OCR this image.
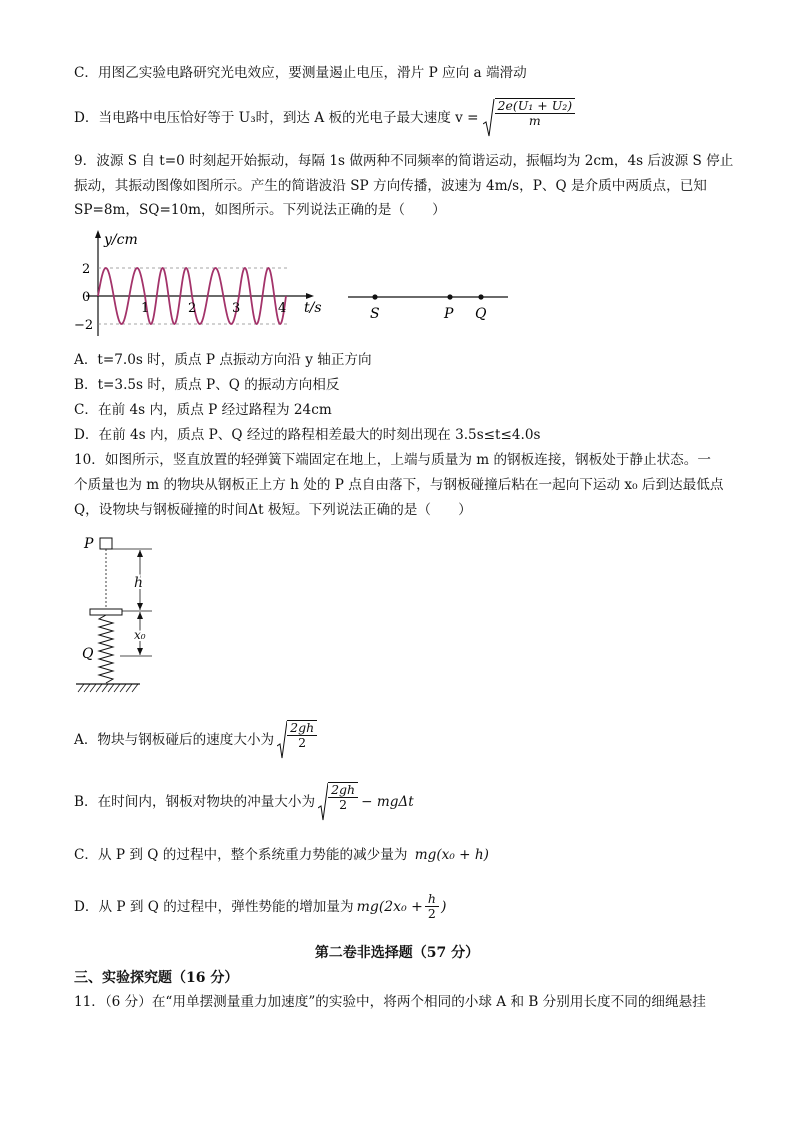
C．用图乙实验电路研究光电效应，要测量遏止电压，滑片 P 应向 a 端滑动
D．当电路中电压恰好等于 U₃时，到达 A 板的光电子最大速度 $v = \frac{\text{2e(U₁ + U₂)}}{m}$
9．波源 S 自 t=0 时刻起开始振动，每隔 1s 做两种不同频率的简谐运动，振幅均为 2cm，4s 后波源 S 停止
振动，其振动图像如图所示。产生的简谐波沿 SP 方向传播，波速为 4m/s，P、Q 是介质中两质点，已知
SP=8m，SQ=10m，如图所示。下列说法正确的是（　　）
y/cm
t/s
2
0
−2
1	2	3	4	S	P Q
A．t=7.0s 时，质点 P 点振动方向沿 y 轴正方向
B．t=3.5s 时，质点 P、Q 的振动方向相反
C．在前 4s 内，质点 P 经过路程为 24cm
D．在前 4s 内，质点 P、Q 经过的路程相差最大的时刻出现在 3.5s≤t≤4.0s
10．如图所示，竖直放置的轻弹簧下端固定在地上，上端与质量为 m 的钢板连接，钢板处于静止状态。一
个质量也为 m 的物块从钢板正上方 h 处的 P 点自由落下，与钢板碰撞后粘在一起向下运动 x₀ 后到达最低点
Q，设物块与钢板碰撞的时间Δt 极短。下列说法正确的是（　　）
P
h
x₀
Q
A．物块与钢板碰后的速度大小为 $\frac{2gh}{2}$
B．在时间内，钢板对物块的冲量大小为 $\frac{2gh}{2} - mg\Delta t$
C．从 P 到 Q 的过程中，整个系统重力势能的减少量为 mg(x₀ + h)
D．从 P 到 Q 的过程中，弹性势能的增加量为 $mg(2x_0 + \frac{h}{2}$ )
第二卷非选择题（57 分）
三、实验探究题（16 分）
11．（6 分）在“用单摆测量重力加速度”的实验中，将两个相同的小球 A 和 B 分别用长度不同的细绳悬挂
